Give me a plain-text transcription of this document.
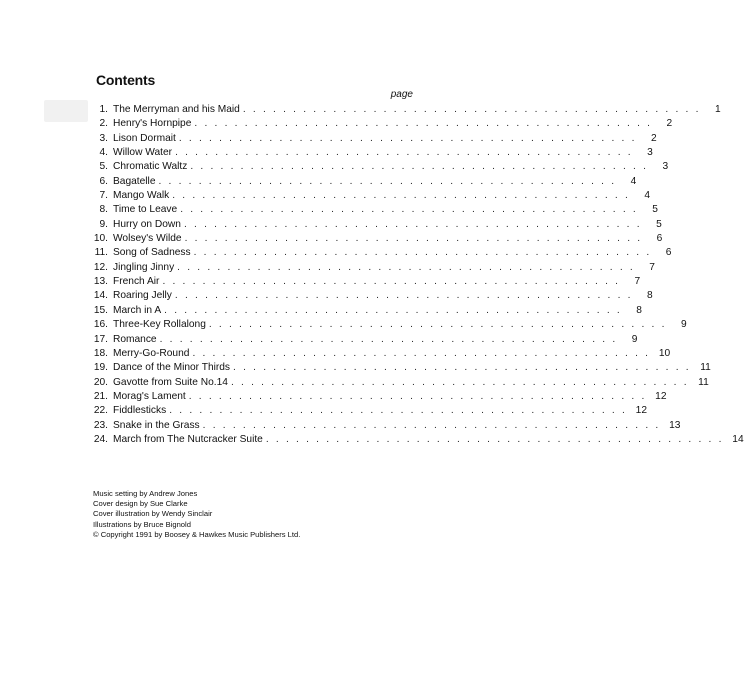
Contents
page
1. The Merryman and his Maid . . . . . . . . . . . . . . . . . . . . . . . . . . . . . . . . . . . . . . . . . . . . . .	1
2. Henry's Hornpipe . . . . . . . . . . . . . . . . . . . . . . . . . . . . . . . . . . . . . . . . . . . . . .	2
3. Lison Dormait . . . . . . . . . . . . . . . . . . . . . . . . . . . . . . . . . . . . . . . . . . . . . .	2
4. Willow Water . . . . . . . . . . . . . . . . . . . . . . . . . . . . . . . . . . . . . . . . . . . . . .	3
5. Chromatic Waltz . . . . . . . . . . . . . . . . . . . . . . . . . . . . . . . . . . . . . . . . . . . . . .	3
6. Bagatelle . . . . . . . . . . . . . . . . . . . . . . . . . . . . . . . . . . . . . . . . . . . . . .	4
7. Mango Walk . . . . . . . . . . . . . . . . . . . . . . . . . . . . . . . . . . . . . . . . . . . . . .	4
8. Time to Leave . . . . . . . . . . . . . . . . . . . . . . . . . . . . . . . . . . . . . . . . . . . . . .	5
9. Hurry on Down . . . . . . . . . . . . . . . . . . . . . . . . . . . . . . . . . . . . . . . . . . . . . .	5
10. Wolsey's Wilde . . . . . . . . . . . . . . . . . . . . . . . . . . . . . . . . . . . . . . . . . . . . . .	6
11. Song of Sadness . . . . . . . . . . . . . . . . . . . . . . . . . . . . . . . . . . . . . . . . . . . . . .	6
12. Jingling Jinny . . . . . . . . . . . . . . . . . . . . . . . . . . . . . . . . . . . . . . . . . . . . . .	7
13. French Air . . . . . . . . . . . . . . . . . . . . . . . . . . . . . . . . . . . . . . . . . . . . . .	7
14. Roaring Jelly . . . . . . . . . . . . . . . . . . . . . . . . . . . . . . . . . . . . . . . . . . . . . .	8
15. March in A . . . . . . . . . . . . . . . . . . . . . . . . . . . . . . . . . . . . . . . . . . . . . .	8
16. Three-Key Rollalong . . . . . . . . . . . . . . . . . . . . . . . . . . . . . . . . . . . . . . . . . . . . . .	9
17. Romance . . . . . . . . . . . . . . . . . . . . . . . . . . . . . . . . . . . . . . . . . . . . . .	9
18. Merry-Go-Round . . . . . . . . . . . . . . . . . . . . . . . . . . . . . . . . . . . . . . . . . . . . . . 10
19. Dance of the Minor Thirds . . . . . . . . . . . . . . . . . . . . . . . . . . . . . . . . . . . . . . . . . . . . . . 11
20. Gavotte from Suite No.14 . . . . . . . . . . . . . . . . . . . . . . . . . . . . . . . . . . . . . . . . . . . . . . 11
21. Morag's Lament . . . . . . . . . . . . . . . . . . . . . . . . . . . . . . . . . . . . . . . . . . . . . . 12
22. Fiddlesticks . . . . . . . . . . . . . . . . . . . . . . . . . . . . . . . . . . . . . . . . . . . . . . 12
23. Snake in the Grass . . . . . . . . . . . . . . . . . . . . . . . . . . . . . . . . . . . . . . . . . . . . . . 13
24. March from The Nutcracker Suite . . . . . . . . . . . . . . . . . . . . . . . . . . . . . . . . . . . . . . . . . . . . . . 14
Music setting by Andrew Jones
Cover design by Sue Clarke
Cover illustration by Wendy Sinclair
Illustrations by Bruce Bignold
© Copyright 1991 by Boosey & Hawkes Music Publishers Ltd.
